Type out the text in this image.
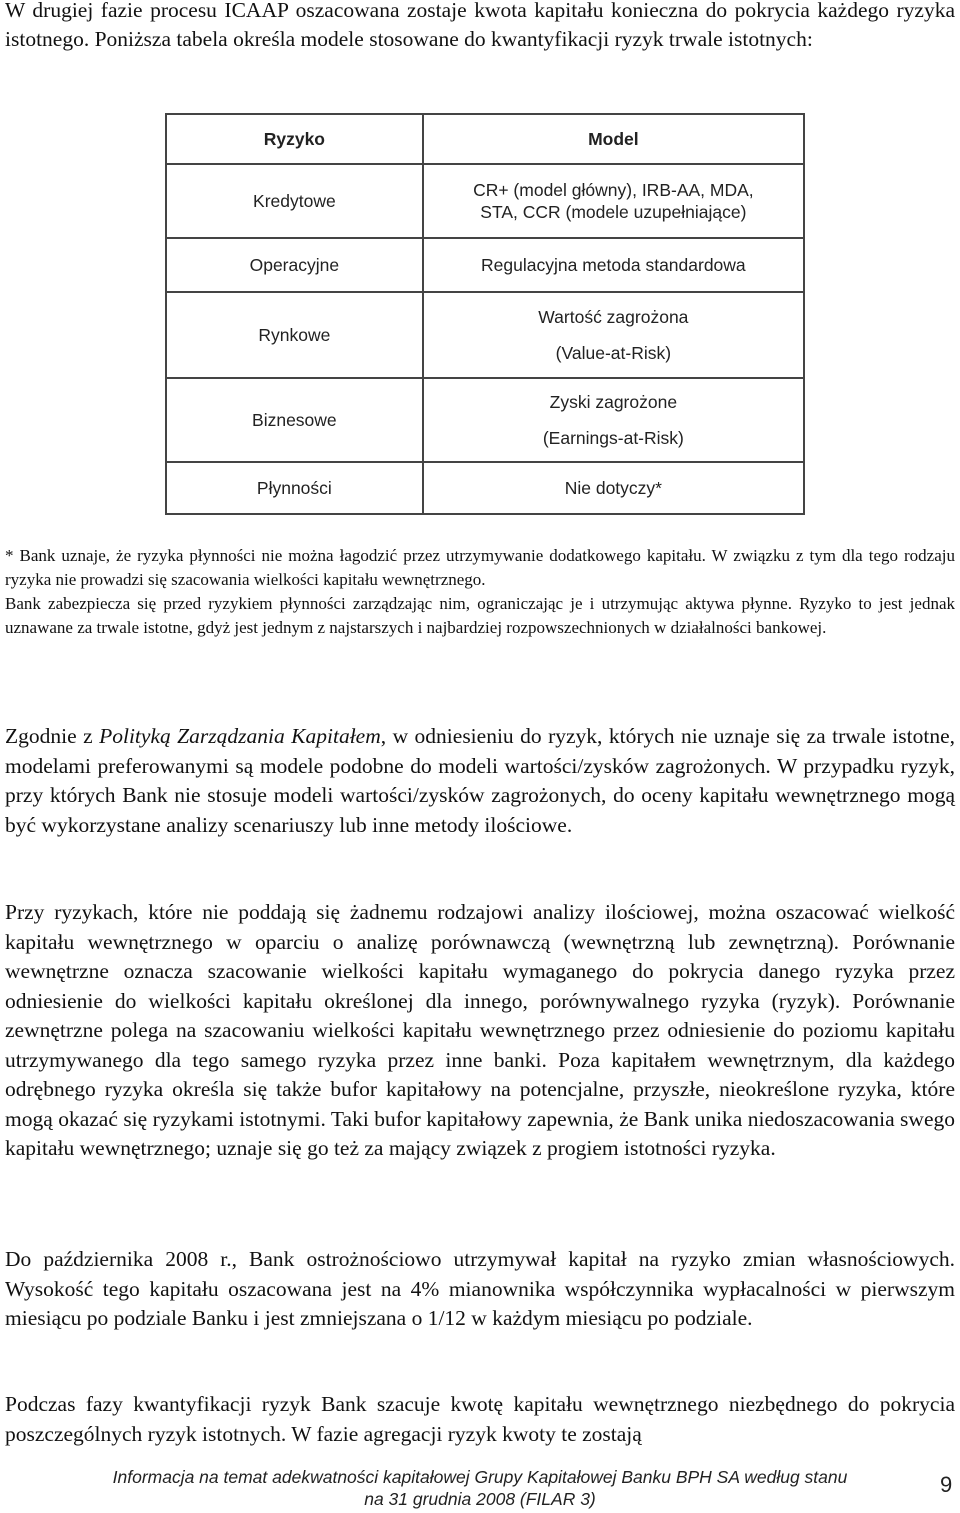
W drugiej fazie procesu ICAAP oszacowana zostaje kwota kapitału konieczna do pokrycia każdego ryzyka istotnego. Poniższa tabela określa modele stosowane do kwantyfikacji ryzyk trwale istotnych:

Ryzyko	Model
Kredytowe	CR+ (model główny), IRB-AA, MDA,
STA, CCR (modele uzupełniające)
Operacyjne	Regulacyjna metoda standardowa
Rynkowe	Wartość zagrożona
(Value-at-Risk)
Biznesowe	Zyski zagrożone
(Earnings-at-Risk)
Płynności	Nie dotyczy*
* Bank uznaje, że ryzyka płynności nie można łagodzić przez utrzymywanie dodatkowego kapitału. W związku z tym dla tego rodzaju ryzyka nie prowadzi się szacowania wielkości kapitału wewnętrznego.
Bank zabezpiecza się przed ryzykiem płynności zarządzając nim, ograniczając je i utrzymując aktywa płynne. Ryzyko to jest jednak uznawane za trwale istotne, gdyż jest jednym z najstarszych i najbardziej rozpowszechnionych w działalności bankowej.

Zgodnie z Polityką Zarządzania Kapitałem, w odniesieniu do ryzyk, których nie uznaje się za trwale istotne, modelami preferowanymi są modele podobne do modeli wartości/zysków zagrożonych. W przypadku ryzyk, przy których Bank nie stosuje modeli wartości/zysków zagrożonych, do oceny kapitału wewnętrznego mogą być wykorzystane analizy scenariuszy lub inne metody ilościowe.

Przy ryzykach, które nie poddają się żadnemu rodzajowi analizy ilościowej, można oszacować wielkość kapitału wewnętrznego w oparciu o analizę porównawczą (wewnętrzną lub zewnętrzną). Porównanie wewnętrzne oznacza szacowanie wielkości kapitału wymaganego do pokrycia danego ryzyka przez odniesienie do wielkości kapitału określonej dla innego, porównywalnego ryzyka (ryzyk). Porównanie zewnętrzne polega na szacowaniu wielkości kapitału wewnętrznego przez odniesienie do poziomu kapitału utrzymywanego dla tego samego ryzyka przez inne banki. Poza kapitałem wewnętrznym, dla każdego odrębnego ryzyka określa się także bufor kapitałowy na potencjalne, przyszłe, nieokreślone ryzyka, które mogą okazać się ryzykami istotnymi. Taki bufor kapitałowy zapewnia, że Bank unika niedoszacowania swego kapitału wewnętrznego; uznaje się go też za mający związek z progiem istotności ryzyka.

Do października 2008 r., Bank ostrożnościowo utrzymywał kapitał na ryzyko zmian własnościowych. Wysokość tego kapitału oszacowana jest na 4% mianownika współczynnika wypłacalności w pierwszym miesiącu po podziale Banku i jest zmniejszana o 1/12 w każdym miesiącu po podziale.

Podczas fazy kwantyfikacji ryzyk Bank szacuje kwotę kapitału wewnętrznego niezbędnego do pokrycia poszczególnych ryzyk istotnych. W fazie agregacji ryzyk kwoty te zostają

Informacja na temat adekwatności kapitałowej Grupy Kapitałowej Banku BPH SA według stanu
na 31 grudnia 2008 (FILAR 3)
9
